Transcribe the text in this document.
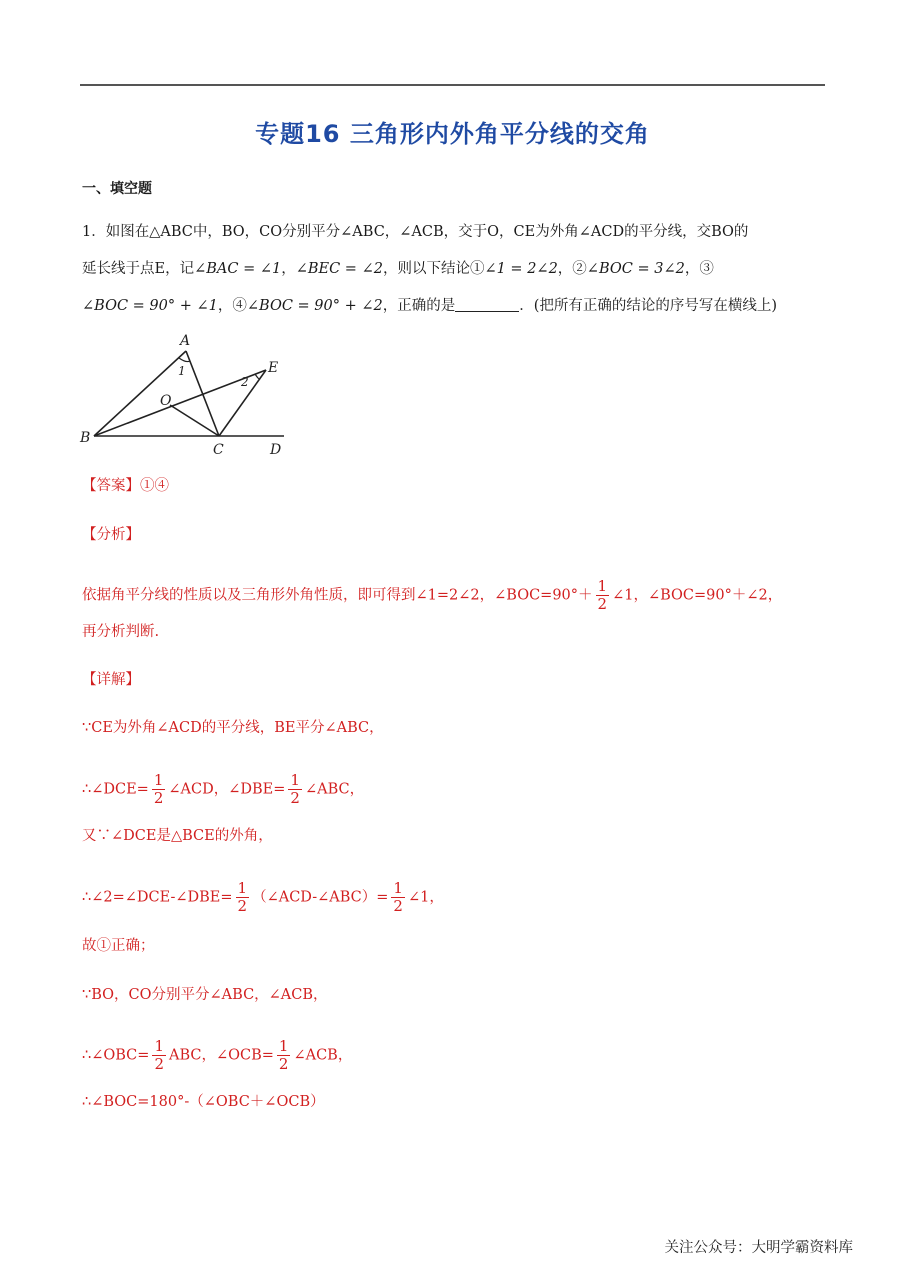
专题16 三角形内外角平分线的交角
一、填空题
1．如图在△ABC中，BO，CO分别平分∠ABC，∠ACB，交于O，CE为外角∠ACD的平分线，交BO的
延长线于点E，记∠BAC = ∠1，∠BEC = ∠2，则以下结论①∠1 = 2∠2，②∠BOC = 3∠2，③
∠BOC = 90° + ∠1，④∠BOC = 90° + ∠2，正确的是	．(把所有正确的结论的序号写在横线上)
A
B
C	D
E
O
1
2
【答案】①④
【分析】
依据角平分线的性质以及三角形外角性质，即可得到∠1=2∠2，∠BOC=90°＋ $\frac{1}{2}$ ∠1，∠BOC=90°＋∠2，
再分析判断.
【详解】
∵CE为外角∠ACD的平分线，BE平分∠ABC，
∴∠DCE= $\frac{1}{2}$ ∠ACD，∠DBE= $\frac{1}{2}$ ∠ABC，
又∵∠DCE是△BCE的外角，
∴∠2=∠DCE-∠DBE= $\frac{1}{2}$ （∠ACD-∠ABC）= $\frac{1}{2}$ ∠1，
故①正确；
∵BO，CO分别平分∠ABC，∠ACB，
∴∠OBC= $\frac{1}{2}$ ABC，∠OCB= $\frac{1}{2}$ ∠ACB，
∴∠BOC=180°-（∠OBC＋∠OCB）
关注公众号：大明学霸资料库
